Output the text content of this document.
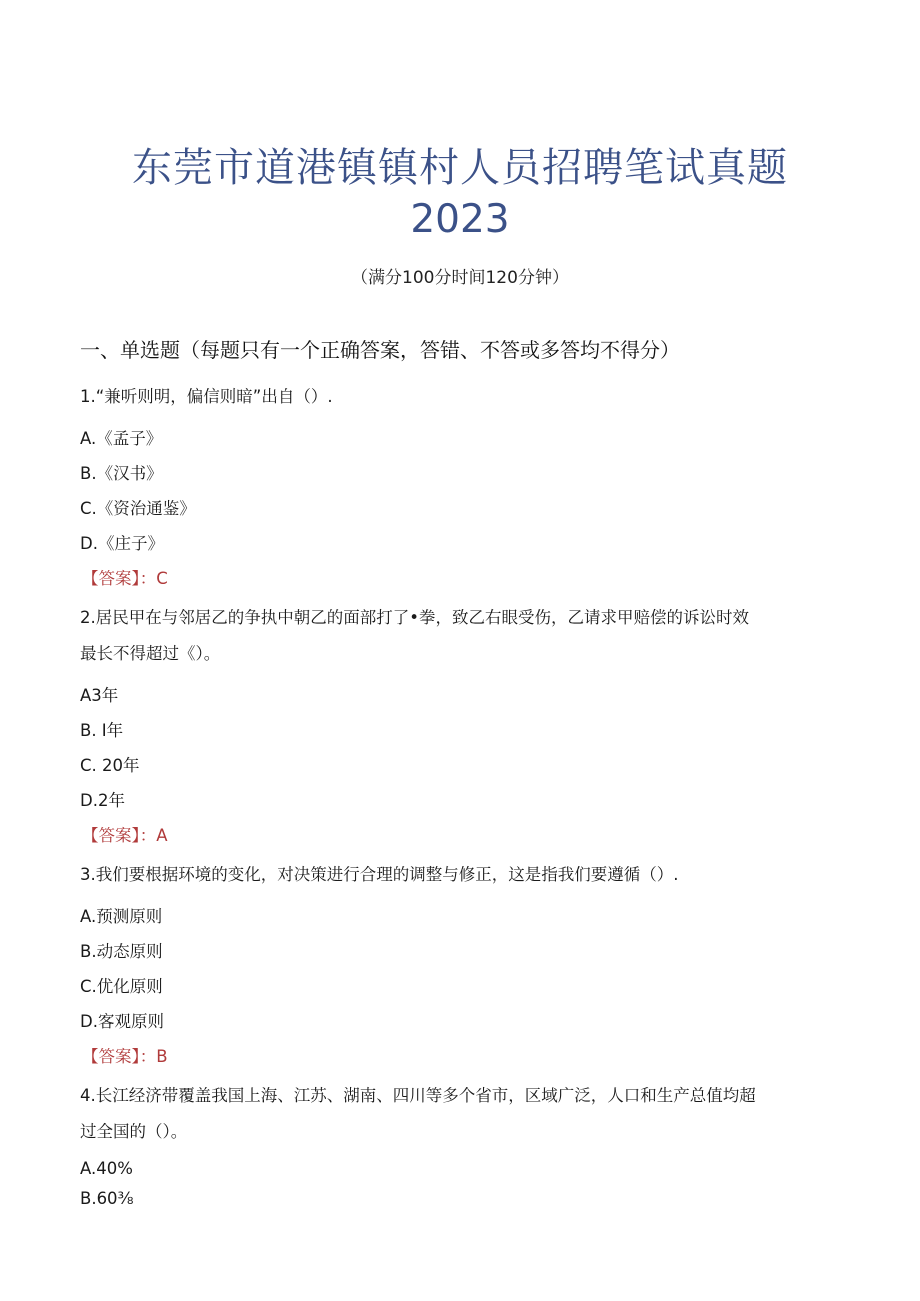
东莞市道港镇镇村人员招聘笔试真题
2023
（满分100分时间120分钟）
一、单选题（每题只有一个正确答案，答错、不答或多答均不得分）
1.“兼听则明，偏信则暗”出自（）.
A.《孟子》
B.《汉书》
C.《资治通鉴》
D.《庄子》
【答案】：C
2.居民甲在与邻居乙的争执中朝乙的面部打了•拳，致乙右眼受伤，乙请求甲赔偿的诉讼时效
最长不得超过《）。
A3年
B. I年
C. 20年
D.2年
【答案】：A
3.我们要根据环境的变化，对决策进行合理的调整与修正，这是指我们要遵循（）.
A.预测原则
B.动态原则
C.优化原则
D.客观原则
【答案】：B
4.长江经济带覆盖我国上海、江苏、湖南、四川等多个省市，区域广泛，人口和生产总值均超
过全国的（）。
A.40%
B.60⅜
